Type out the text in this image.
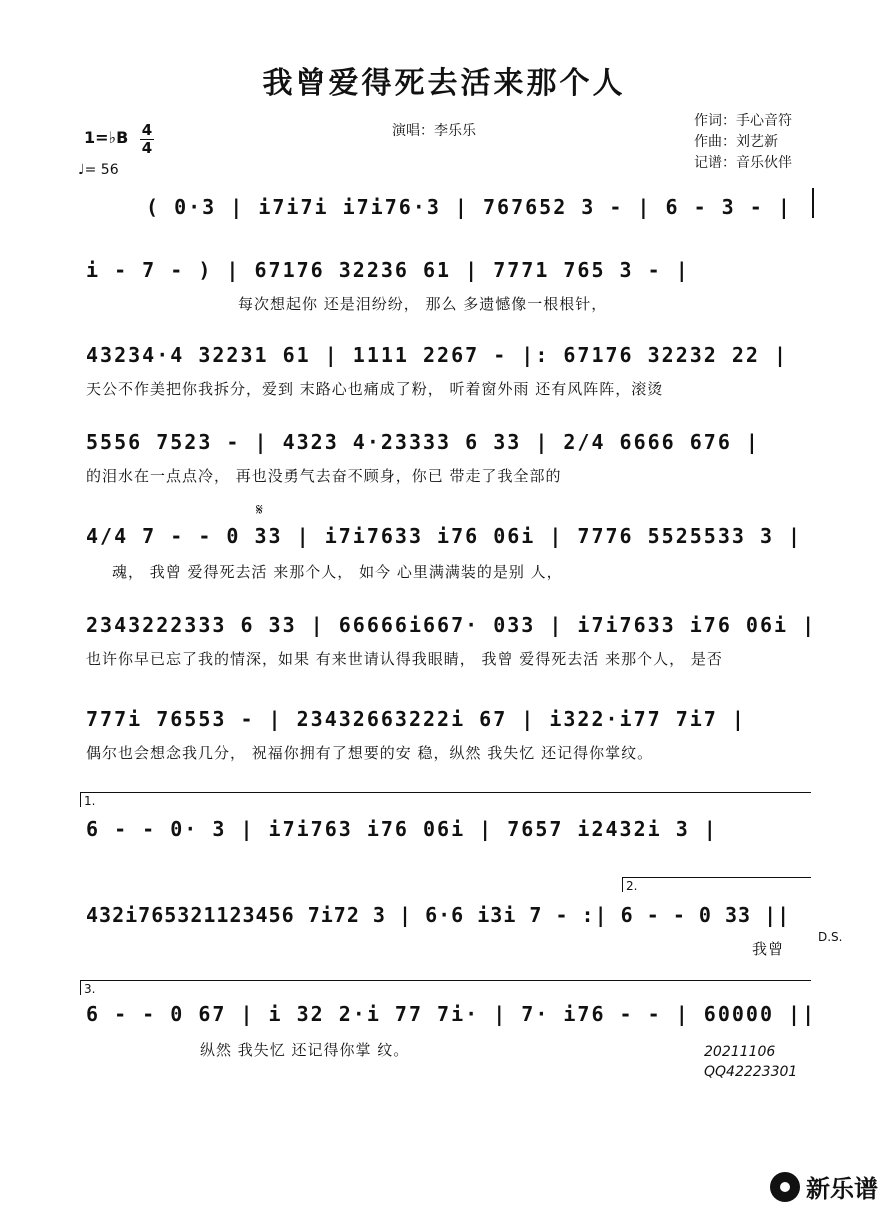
我曾爱得死去活来那个人
演唱：李乐乐
作词：手心音符
作曲：刘艺新
记谱：音乐伙伴
1=♭B 4
4
♩= 56
( 0·3 | i7i7i i7i76·3 | 767652 3 - | 6 - 3 - |
i - 7 - ) | 67176 32236 61 | 7771 765 3 - |
每次想起你 还是泪纷纷， 那么 多遗憾像一根根针，
43234·4 32231 61 | 1111 2267 - |: 67176 32232 22 |
天公不作美把你我拆分，爱到 末路心也痛成了粉， 听着窗外雨 还有风阵阵，滚烫
5556 7523 - | 4323 4·23333 6 33 | 2/4 6666 676 |
的泪水在一点点冷， 再也没勇气去奋不顾身，你已 带走了我全部的
𝄋
4/4 7 - - 0 33 | i7i7633 i76 06i | 7776 5525533 3 |
魂， 我曾 爱得死去活 来那个人， 如今 心里满满装的是别 人，
2343222333 6 33 | 66666i667· 033 | i7i7633 i76 06i |
也许你早已忘了我的情深，如果 有来世请认得我眼睛， 我曾 爱得死去活 来那个人， 是否
777i 76553 - | 23432663222i 67 | i322·i77 7i7 |
偶尔也会想念我几分， 祝福你拥有了想要的安 稳，纵然 我失忆 还记得你掌纹。
1.
6 - - 0· 3 | i7i763 i76 06i | 7657 i2432i 3 |
2.
432i765321123456 7i72 3 | 6·6 i3i 7 - :| 6 - - 0 33 ||
我曾
D.S.
3.
6 - - 0 67 | i 32 2·i 77 7i· | 7· i76 - - | 60000 ||
纵然 我失忆 还记得你掌 纹。	20211106
QQ42223301
新乐谱
